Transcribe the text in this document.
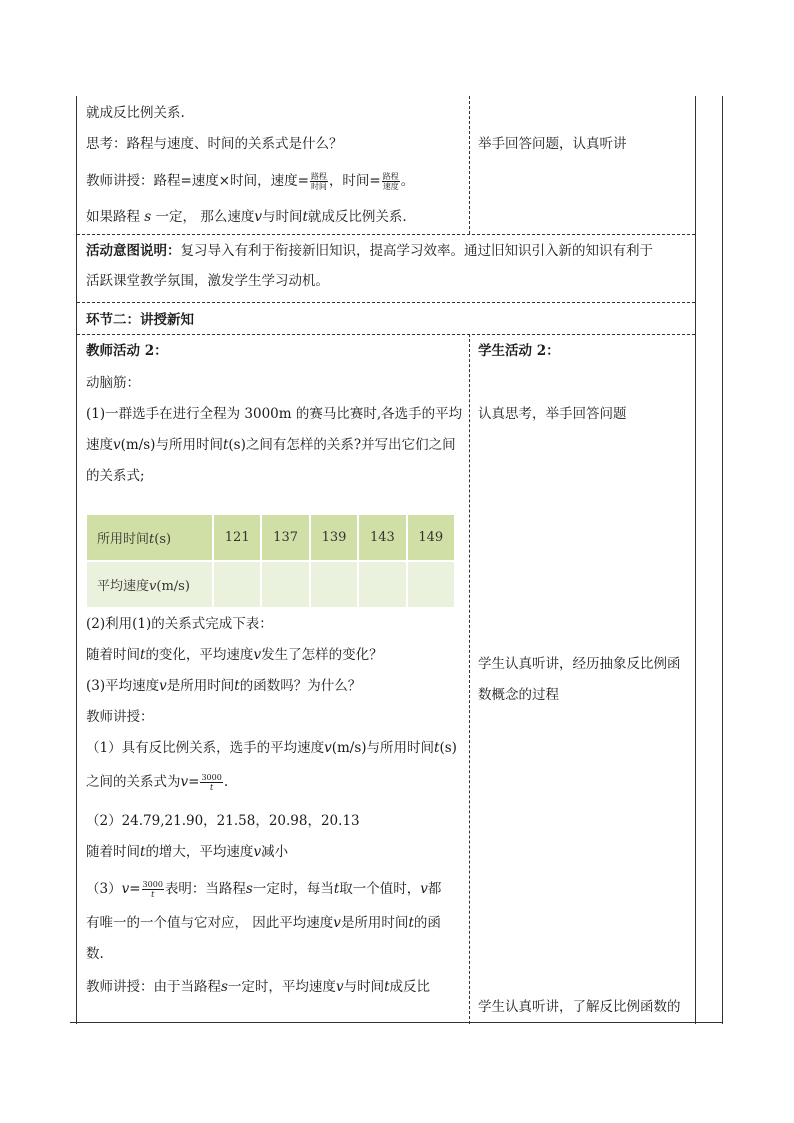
就成反比例关系.
思考：路程与速度、时间的关系式是什么？
教师讲授：路程=速度×时间，速度= $\frac{\text{路程}}{\text{时间}}$ ，时间= $\frac{\text{路程}}{\text{速度}}$ 。
如果路程 s 一定， 那么速度v与时间t就成反比例关系.
举手回答问题，认真听讲
活动意图说明：复习导入有利于衔接新旧知识，提高学习效率。通过旧知识引入新的知识有利于
活跃课堂教学氛围，激发学生学习动机。
环节二：讲授新知
教师活动 2：	学生活动 2：
动脑筋：
(1)一群选手在进行全程为 3000m 的赛马比赛时,各选手的平均
速度v(m/s)与所用时间t(s)之间有怎样的关系?并写出它们之间
的关系式;
认真思考，举手回答问题
所用时间t(s)	121	137	139	143	149
平均速度v(m/s)					
(2)利用(1)的关系式完成下表：
随着时间t的变化，平均速度v发生了怎样的变化？
(3)平均速度v是所用时间t的函数吗？为什么？
教师讲授：
学生认真听讲，经历抽象反比例函
数概念的过程
（1）具有反比例关系，选手的平均速度v(m/s)与所用时间t(s)
之间的关系式为$v= \frac{3000}{t}$ .
（2）24.79,21.90，21.58，20.98，20.13
随着时间t的增大，平均速度v减小
$(3)v= \frac{3000}{t}$ 表明：当路程s一定时，每当t取一个值时，v都
有唯一的一个值与它对应， 因此平均速度v是所用时间t的函
数.
教师讲授：由于当路程s一定时，平均速度v与时间t成反比
学生认真听讲，了解反比例函数的
